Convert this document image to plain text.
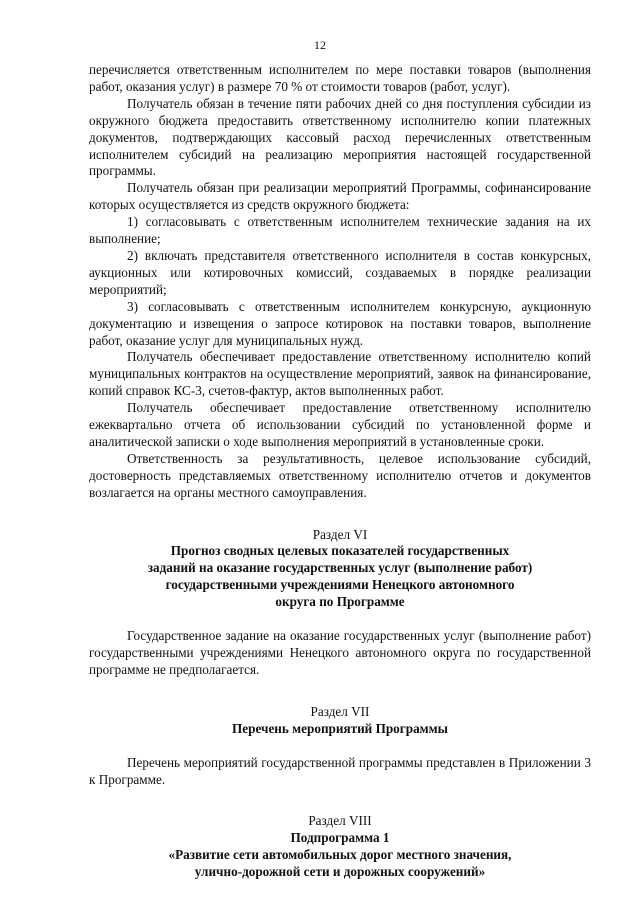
12

перечисляется ответственным исполнителем по мере поставки товаров (выполнения работ, оказания услуг) в размере 70 % от стоимости товаров (работ, услуг).

Получатель обязан в течение пяти рабочих дней со дня поступления субсидии из окружного бюджета предоставить ответственному исполнителю копии платежных документов, подтверждающих кассовый расход перечисленных ответственным исполнителем субсидий на реализацию мероприятия настоящей государственной программы.

Получатель обязан при реализации мероприятий Программы, софинансирование которых осуществляется из средств окружного бюджета:

1) согласовывать с ответственным исполнителем технические задания на их выполнение;

2) включать представителя ответственного исполнителя в состав конкурсных, аукционных или котировочных комиссий, создаваемых в порядке реализации мероприятий;

3) согласовывать с ответственным исполнителем конкурсную, аукционную документацию и извещения о запросе котировок на поставки товаров, выполнение работ, оказание услуг для муниципальных нужд.

Получатель обеспечивает предоставление ответственному исполнителю копий муниципальных контрактов на осуществление мероприятий, заявок на финансирование, копий справок КС-3, счетов-фактур, актов выполненных работ.

Получатель обеспечивает предоставление ответственному исполнителю ежеквартально отчета об использовании субсидий по установленной форме и аналитической записки о ходе выполнения мероприятий в установленные сроки.

Ответственность за результативность, целевое использование субсидий, достоверность представляемых ответственному исполнителю отчетов и документов возлагается на органы местного самоуправления.

Раздел VI
Прогноз сводных целевых показателей государственных
заданий на оказание государственных услуг (выполнение работ)
государственными учреждениями Ненецкого автономного
округа по Программе

Государственное задание на оказание государственных услуг (выполнение работ) государственными учреждениями Ненецкого автономного округа по государственной программе не предполагается.

Раздел VII
Перечень мероприятий Программы

Перечень мероприятий государственной программы представлен в Приложении 3 к Программе.

Раздел VIII
Подпрограмма 1
«Развитие сети автомобильных дорог местного значения,
улично-дорожной сети и дорожных сооружений»
